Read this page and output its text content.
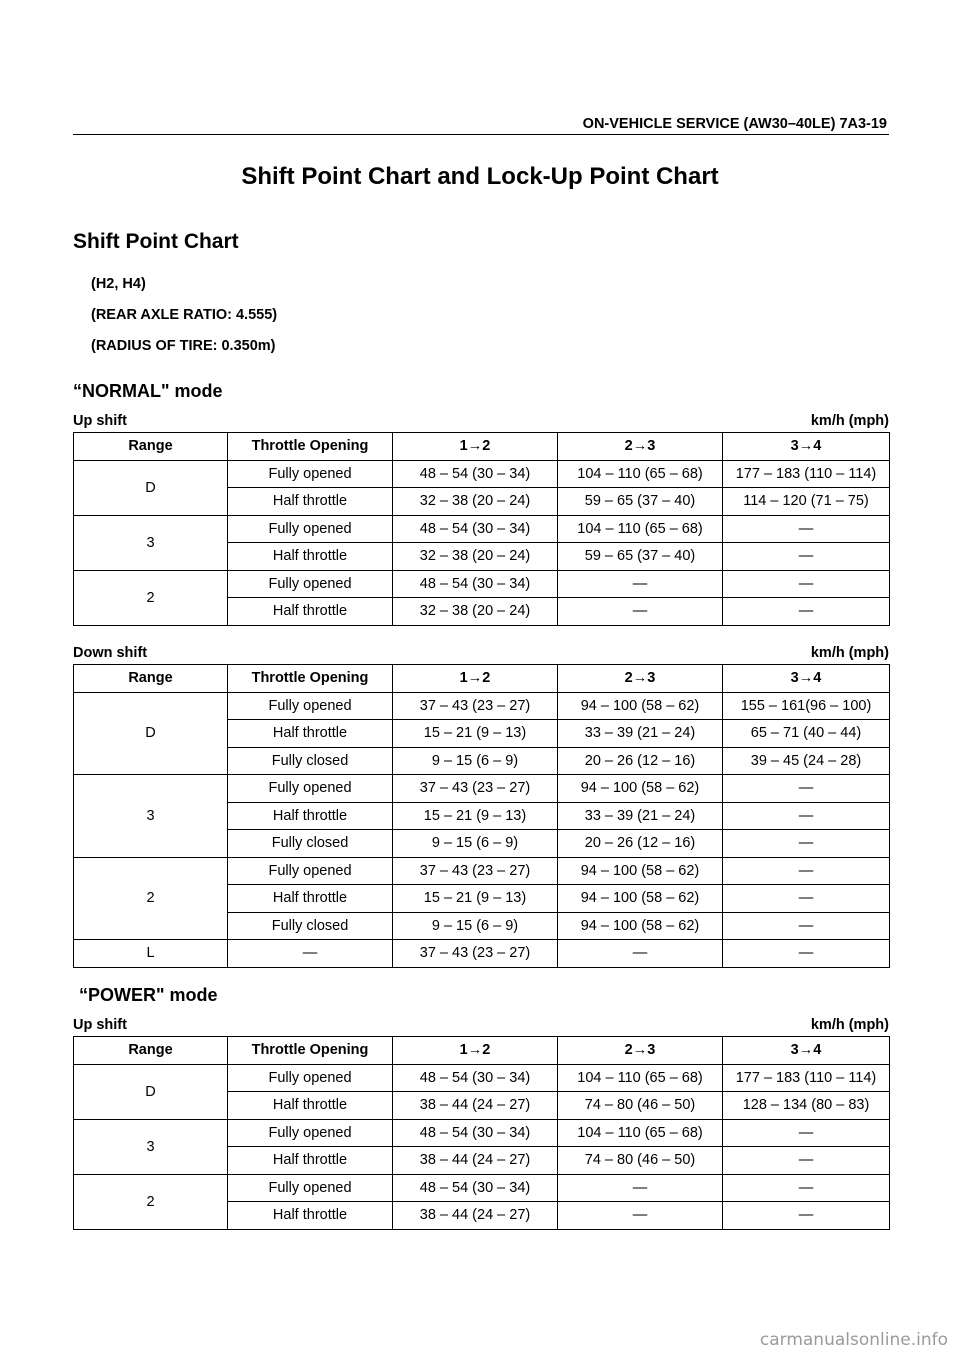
ON-VEHICLE SERVICE (AW30–40LE) 7A3-19
Shift Point Chart and Lock-Up Point Chart
Shift Point Chart
(H2, H4)
(REAR AXLE RATIO: 4.555)
(RADIUS OF TIRE: 0.350m)
“NORMAL" mode
Up shift	km/h (mph)
Range	Throttle Opening	1→2	2→3	3→4
D	Fully opened	48 – 54 (30 – 34)	104 – 110 (65 – 68)	177 – 183 (110 – 114)
	Half throttle	32 – 38 (20 – 24)	59 – 65 (37 – 40)	114 – 120 (71 – 75)
3	Fully opened	48 – 54 (30 – 34)	104 – 110 (65 – 68)	—
	Half throttle	32 – 38 (20 – 24)	59 – 65 (37 – 40)	—
2	Fully opened	48 – 54 (30 – 34)	—	—
	Half throttle	32 – 38 (20 – 24)	—	—
Down shift	km/h (mph)
Range	Throttle Opening	1→2	2→3	3→4
D	Fully opened	37 – 43 (23 – 27)	94 – 100 (58 – 62)	155 – 161(96 – 100)
	Half throttle	15 – 21 (9 – 13)	33 – 39 (21 – 24)	65 – 71 (40 – 44)
	Fully closed	9 – 15 (6 – 9)	20 – 26 (12 – 16)	39 – 45 (24 – 28)
3	Fully opened	37 – 43 (23 – 27)	94 – 100 (58 – 62)	—
	Half throttle	15 – 21 (9 – 13)	33 – 39 (21 – 24)	—
	Fully closed	9 – 15 (6 – 9)	20 – 26 (12 – 16)	—
2	Fully opened	37 – 43 (23 – 27)	94 – 100 (58 – 62)	—
	Half throttle	15 – 21 (9 – 13)	94 – 100 (58 – 62)	—
	Fully closed	9 – 15 (6 – 9)	94 – 100 (58 – 62)	—
L	—	37 – 43 (23 – 27)	—	—
“POWER" mode
Up shift	km/h (mph)
Range	Throttle Opening	1→2	2→3	3→4
D	Fully opened	48 – 54 (30 – 34)	104 – 110 (65 – 68)	177 – 183 (110 – 114)
	Half throttle	38 – 44 (24 – 27)	74 – 80 (46 – 50)	128 – 134 (80 – 83)
3	Fully opened	48 – 54 (30 – 34)	104 – 110 (65 – 68)	—
	Half throttle	38 – 44 (24 – 27)	74 – 80 (46 – 50)	—
2	Fully opened	48 – 54 (30 – 34)	—	—
	Half throttle	38 – 44 (24 – 27)	—	—
carmanualsonline.info
